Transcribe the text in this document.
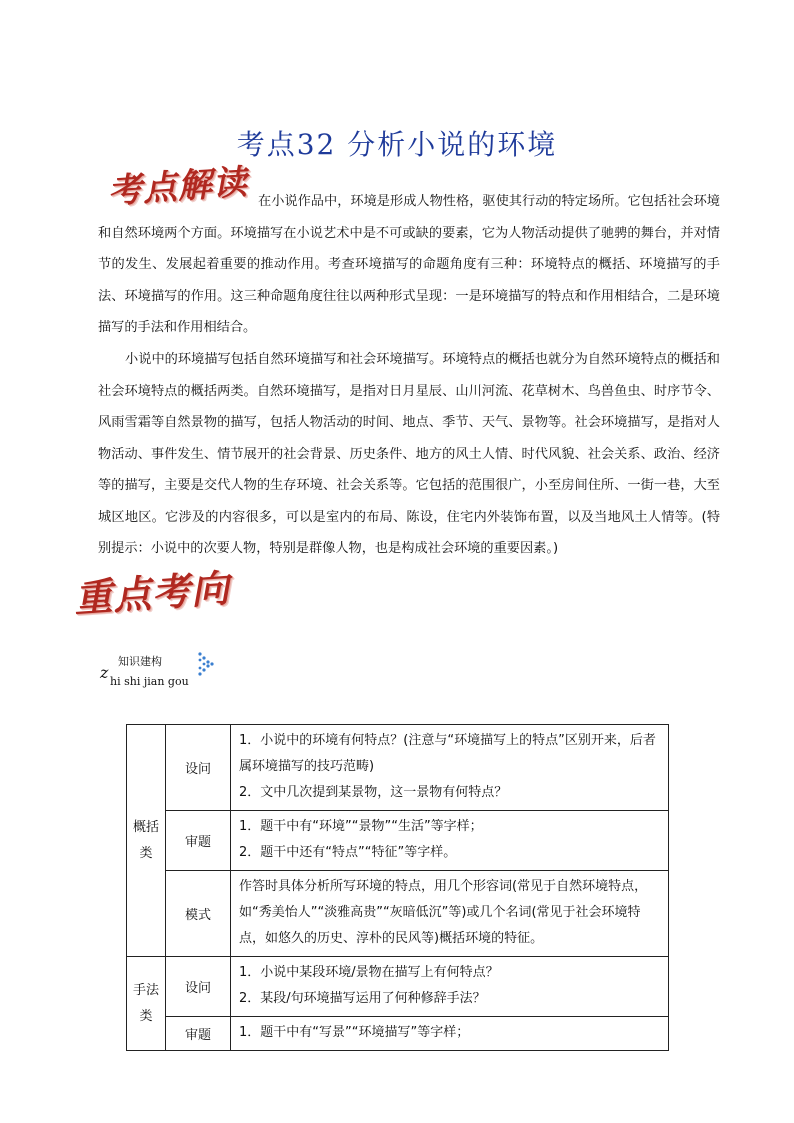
考点32 分析小说的环境
考点解读 在小说作品中，环境是形成人物性格，驱使其行动的特定场所。它包括社会环境和自然环境两个方面。环境描写在小说艺术中是不可或缺的要素，它为人物活动提供了驰骋的舞台，并对情节的发生、发展起着重要的推动作用。考查环境描写的命题角度有三种：环境特点的概括、环境描写的手法、环境描写的作用。这三种命题角度往往以两种形式呈现：一是环境描写的特点和作用相结合，二是环境描写的手法和作用相结合。

小说中的环境描写包括自然环境描写和社会环境描写。环境特点的概括也就分为自然环境特点的概括和社会环境特点的概括两类。自然环境描写，是指对日月星辰、山川河流、花草树木、鸟兽鱼虫、时序节令、风雨雪霜等自然景物的描写，包括人物活动的时间、地点、季节、天气、景物等。社会环境描写，是指对人物活动、事件发生、情节展开的社会背景、历史条件、地方的风土人情、时代风貌、社会关系、政治、经济等的描写，主要是交代人物的生存环境、社会关系等。它包括的范围很广，小至房间住所、一街一巷，大至城区地区。它涉及的内容很多，可以是室内的布局、陈设，住宅内外装饰布置，以及当地风土人情等。(特别提示：小说中的次要人物，特别是群像人物，也是构成社会环境的重要因素。)

重点考向
知识建构
z hi shi jian gou
概括类	设问	1．小说中的环境有何特点？(注意与“环境描写上的特点”区别开来，后者属环境描写的技巧范畴)
2．文中几次提到某景物，这一景物有何特点？

	审题	1．题干中有“环境”“景物”“生活”等字样；
2．题干中还有“特点”“特征”等字样。

	模式	作答时具体分析所写环境的特点，用几个形容词(常见于自然环境特点，如“秀美怡人”“淡雅高贵”“灰暗低沉”等)或几个名词(常见于社会环境特点，如悠久的历史、淳朴的民风等)概括环境的特征。

手法类	设问	1．小说中某段环境/景物在描写上有何特点？
2．某段/句环境描写运用了何种修辞手法？

	审题	1．题干中有“写景”“环境描写”等字样；
